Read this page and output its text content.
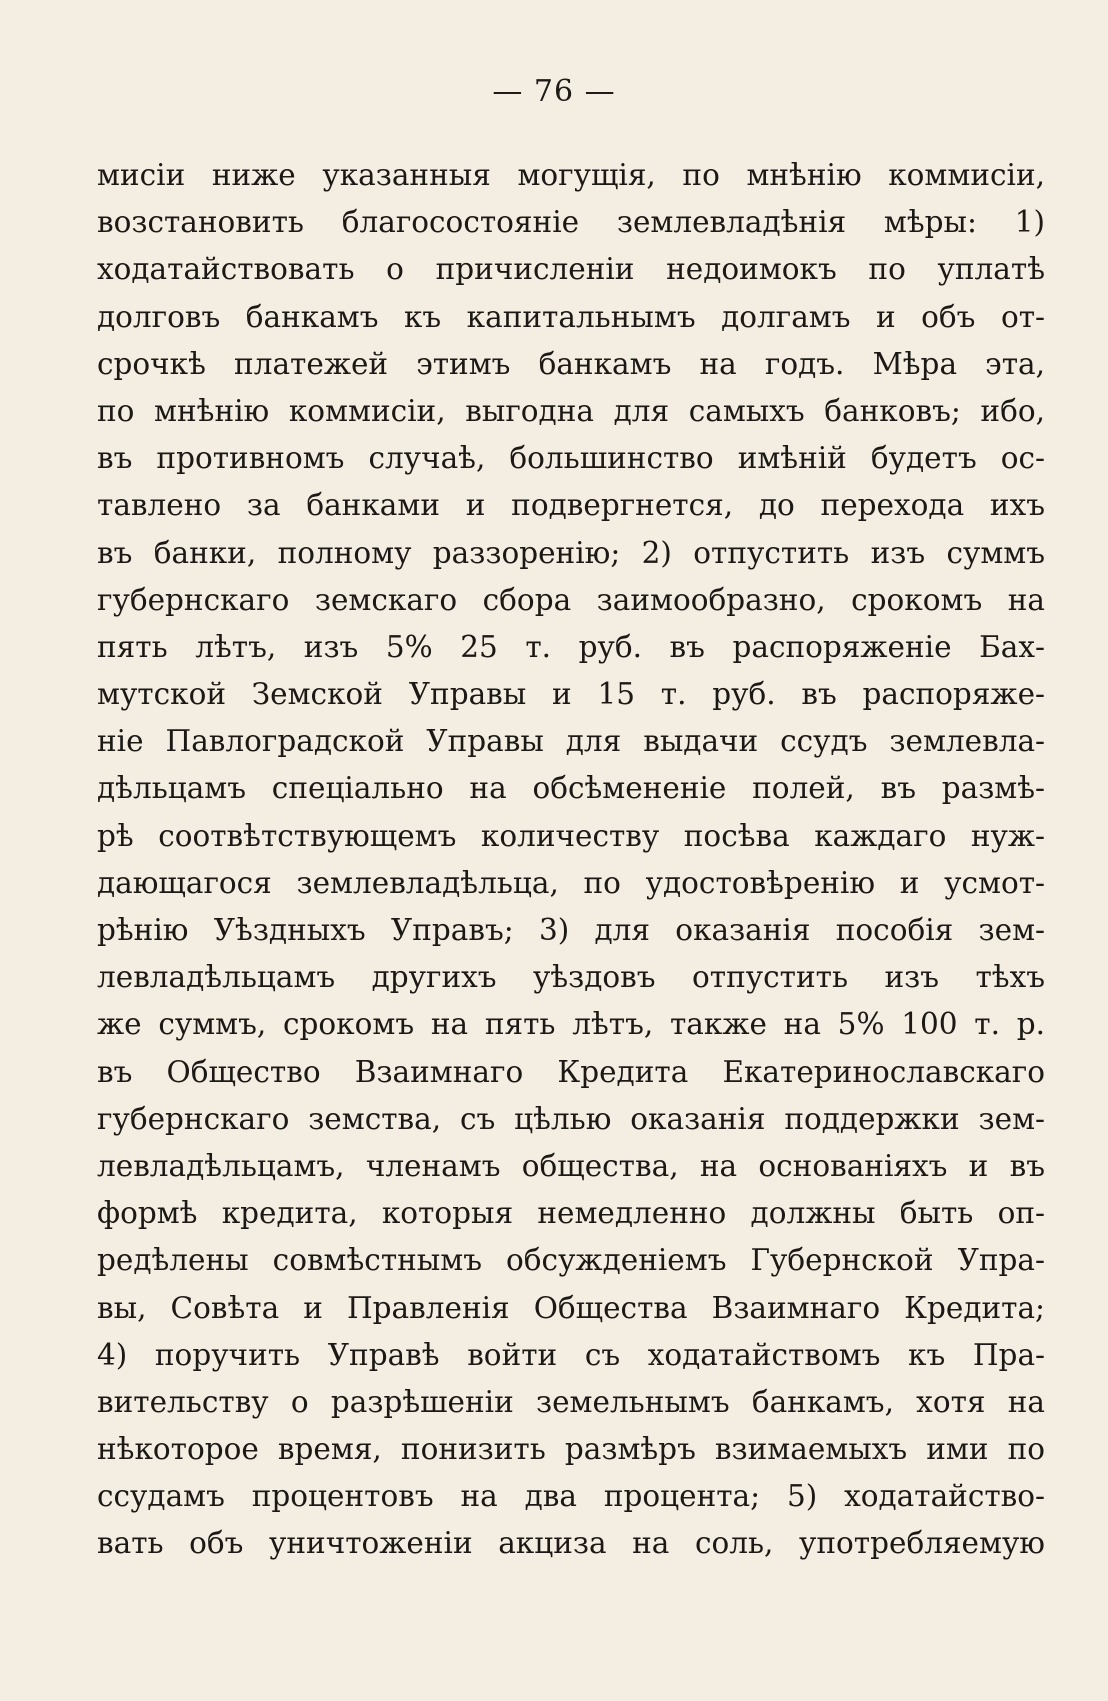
— 76 —
мисіи ниже указанныя могущія, по мнѣнію коммисіи,
возстановить благосостояніе землевладѣнія мѣры: 1)
ходатайствовать о причисленіи недоимокъ по уплатѣ
долговъ банкамъ къ капитальнымъ долгамъ и объ от-
срочкѣ платежей этимъ банкамъ на годъ. Мѣра эта,
по мнѣнію коммисіи, выгодна для самыхъ банковъ; ибо,
въ противномъ случаѣ, большинство имѣній будетъ ос-
тавлено за банками и подвергнется, до перехода ихъ
въ банки, полному раззоренію; 2) отпустить изъ суммъ
губернскаго земскаго сбора заимообразно, срокомъ на
пять лѣтъ, изъ 5% 25 т. руб. въ распоряженіе Бах-
мутской Земской Управы и 15 т. руб. въ распоряже-
ніе Павлоградской Управы для выдачи ссудъ землевла-
дѣльцамъ спеціально на обсѣмененіе полей, въ размѣ-
рѣ соотвѣтствующемъ количеству посѣва каждаго нуж-
дающагося землевладѣльца, по удостовѣренію и усмот-
рѣнію Уѣздныхъ Управъ; 3) для оказанія пособія зем-
левладѣльцамъ другихъ уѣздовъ отпустить изъ тѣхъ
же суммъ, срокомъ на пять лѣтъ, также на 5% 100 т. р.
въ Общество Взаимнаго Кредита Екатеринославскаго
губернскаго земства, съ цѣлью оказанія поддержки зем-
левладѣльцамъ, членамъ общества, на основаніяхъ и въ
формѣ кредита, которыя немедленно должны быть оп-
редѣлены совмѣстнымъ обсужденіемъ Губернской Упра-
вы, Совѣта и Правленія Общества Взаимнаго Кредита;
4) поручить Управѣ войти съ ходатайствомъ къ Пра-
вительству о разрѣшеніи земельнымъ банкамъ, хотя на
нѣкоторое время, понизить размѣръ взимаемыхъ ими по
ссудамъ процентовъ на два процента; 5) ходатайство-
вать объ уничтоженіи акциза на соль, употребляемую
